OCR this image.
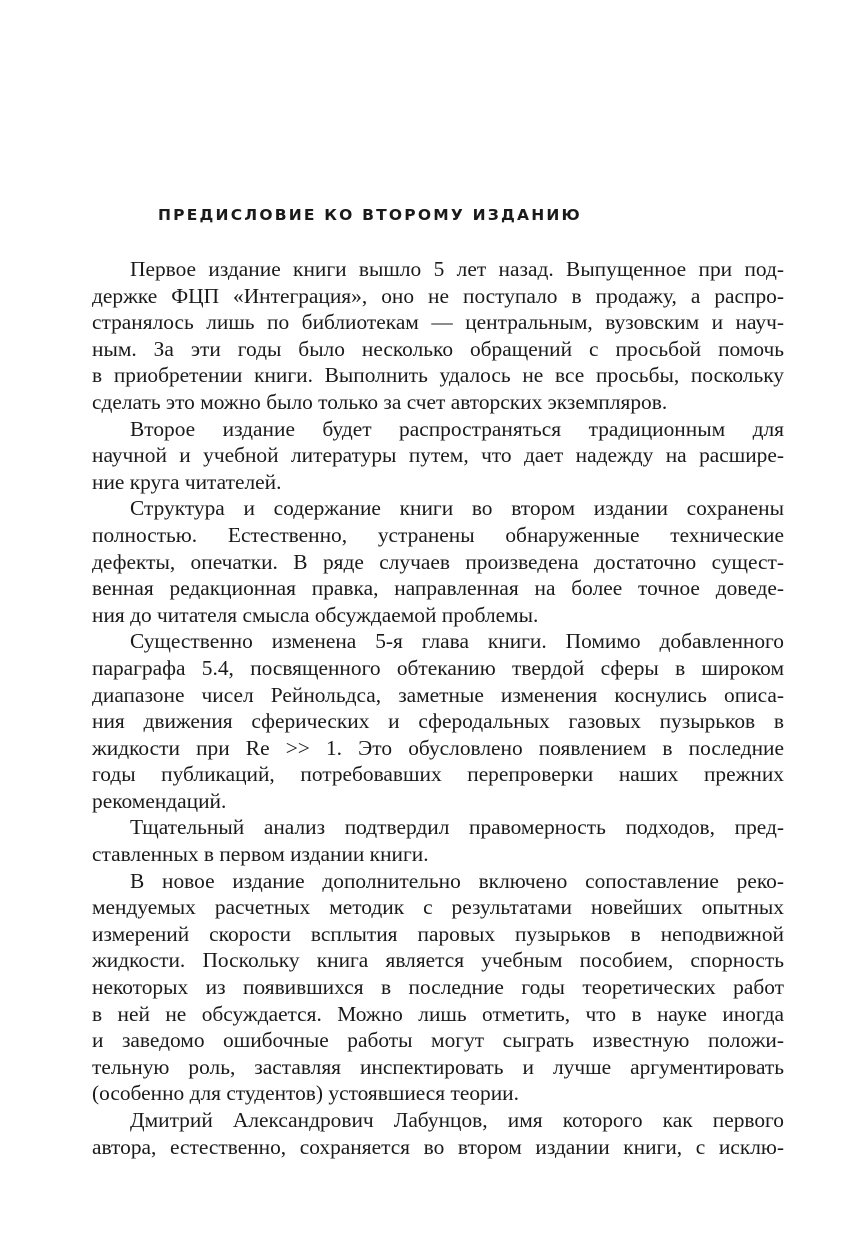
ПРЕДИСЛОВИЕ КО ВТОРОМУ ИЗДАНИЮ
Первое издание книги вышло 5 лет назад. Выпущенное при под-
держке ФЦП «Интеграция», оно не поступало в продажу, а распро-
странялось лишь по библиотекам — центральным, вузовским и науч-
ным. За эти годы было несколько обращений с просьбой помочь
в приобретении книги. Выполнить удалось не все просьбы, поскольку
сделать это можно было только за счет авторских экземпляров.
Второе издание будет распространяться традиционным для
научной и учебной литературы путем, что дает надежду на расшире-
ние круга читателей.
Структура и содержание книги во втором издании сохранены
полностью. Естественно, устранены обнаруженные технические
дефекты, опечатки. В ряде случаев произведена достаточно сущест-
венная редакционная правка, направленная на более точное доведе-
ния до читателя смысла обсуждаемой проблемы.
Существенно изменена 5-я глава книги. Помимо добавленного
параграфа 5.4, посвященного обтеканию твердой сферы в широком
диапазоне чисел Рейнольдса, заметные изменения коснулись описа-
ния движения сферических и сферодальных газовых пузырьков в
жидкости при Re >> 1. Это обусловлено появлением в последние
годы публикаций, потребовавших перепроверки наших прежних
рекомендаций.
Тщательный анализ подтвердил правомерность подходов, пред-
ставленных в первом издании книги.
В новое издание дополнительно включено сопоставление реко-
мендуемых расчетных методик с результатами новейших опытных
измерений скорости всплытия паровых пузырьков в неподвижной
жидкости. Поскольку книга является учебным пособием, спорность
некоторых из появившихся в последние годы теоретических работ
в ней не обсуждается. Можно лишь отметить, что в науке иногда
и заведомо ошибочные работы могут сыграть известную положи-
тельную роль, заставляя инспектировать и лучше аргументировать
(особенно для студентов) устоявшиеся теории.
Дмитрий Александрович Лабунцов, имя которого как первого
автора, естественно, сохраняется во втором издании книги, с исклю-
